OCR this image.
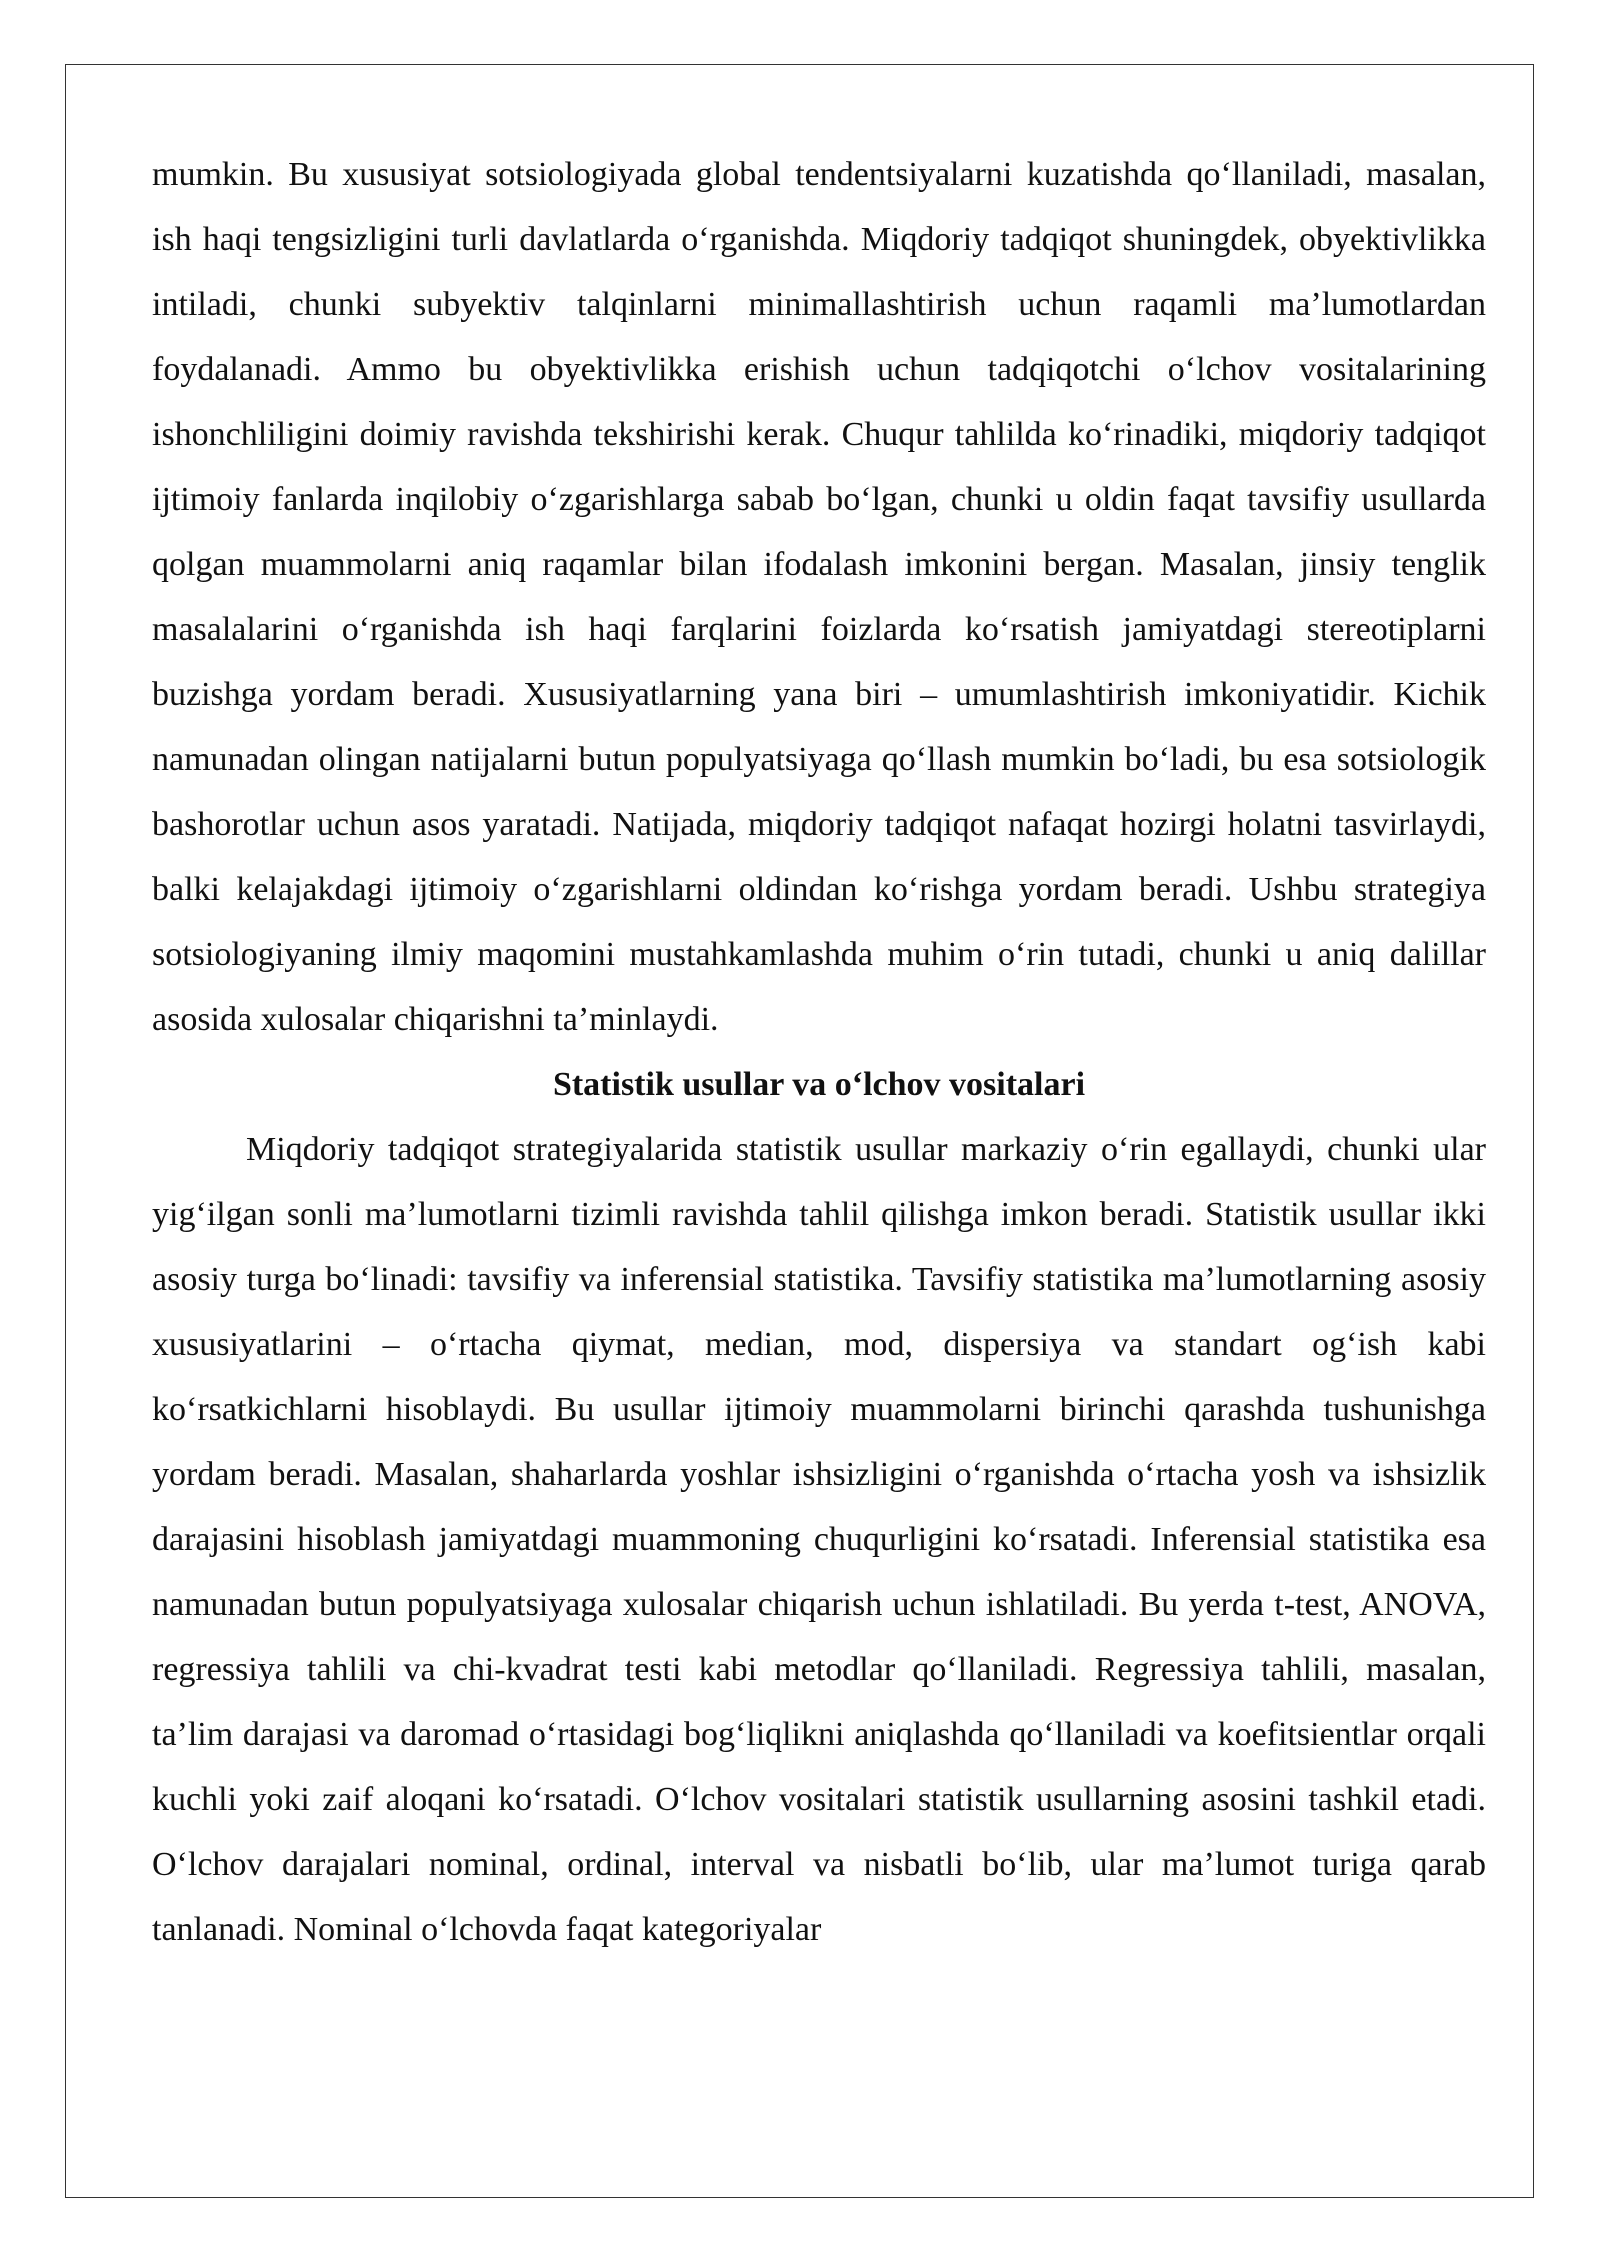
mumkin. Bu xususiyat sotsiologiyada global tendentsiyalarni kuzatishda qo‘llaniladi, masalan, ish haqi tengsizligini turli davlatlarda o‘rganishda. Miqdoriy tadqiqot shuningdek, obyektivlikka intiladi, chunki subyektiv talqinlarni minimallashtirish uchun raqamli ma’lumotlardan foydalanadi. Ammo bu obyektivlikka erishish uchun tadqiqotchi o‘lchov vositalarining ishonchliligini doimiy ravishda tekshirishi kerak. Chuqur tahlilda ko‘rinadiki, miqdoriy tadqiqot ijtimoiy fanlarda inqilobiy o‘zgarishlarga sabab bo‘lgan, chunki u oldin faqat tavsifiy usullarda qolgan muammolarni aniq raqamlar bilan ifodalash imkonini bergan. Masalan, jinsiy tenglik masalalarini o‘rganishda ish haqi farqlarini foizlarda ko‘rsatish jamiyatdagi stereotiplarni buzishga yordam beradi. Xususiyatlarning yana biri – umumlashtirish imkoniyatidir. Kichik namunadan olingan natijalarni butun populyatsiyaga qo‘llash mumkin bo‘ladi, bu esa sotsiologik bashorotlar uchun asos yaratadi. Natijada, miqdoriy tadqiqot nafaqat hozirgi holatni tasvirlaydi, balki kelajakdagi ijtimoiy o‘zgarishlarni oldindan ko‘rishga yordam beradi. Ushbu strategiya sotsiologiyaning ilmiy maqomini mustahkamlashda muhim o‘rin tutadi, chunki u aniq dalillar asosida xulosalar chiqarishni ta’minlaydi.

Statistik usullar va o‘lchov vositalari

Miqdoriy tadqiqot strategiyalarida statistik usullar markaziy o‘rin egallaydi, chunki ular yig‘ilgan sonli ma’lumotlarni tizimli ravishda tahlil qilishga imkon beradi. Statistik usullar ikki asosiy turga bo‘linadi: tavsifiy va inferensial statistika. Tavsifiy statistika ma’lumotlarning asosiy xususiyatlarini – o‘rtacha qiymat, median, mod, dispersiya va standart og‘ish kabi ko‘rsatkichlarni hisoblaydi. Bu usullar ijtimoiy muammolarni birinchi qarashda tushunishga yordam beradi. Masalan, shaharlarda yoshlar ishsizligini o‘rganishda o‘rtacha yosh va ishsizlik darajasini hisoblash jamiyatdagi muammoning chuqurligini ko‘rsatadi. Inferensial statistika esa namunadan butun populyatsiyaga xulosalar chiqarish uchun ishlatiladi. Bu yerda t-test, ANOVA, regressiya tahlili va chi-kvadrat testi kabi metodlar qo‘llaniladi. Regressiya tahlili, masalan, ta’lim darajasi va daromad o‘rtasidagi bog‘liqlikni aniqlashda qo‘llaniladi va koefitsientlar orqali kuchli yoki zaif aloqani ko‘rsatadi. O‘lchov vositalari statistik usullarning asosini tashkil etadi. O‘lchov darajalari nominal, ordinal, interval va nisbatli bo‘lib, ular ma’lumot turiga qarab tanlanadi. Nominal o‘lchovda faqat kategoriyalar
